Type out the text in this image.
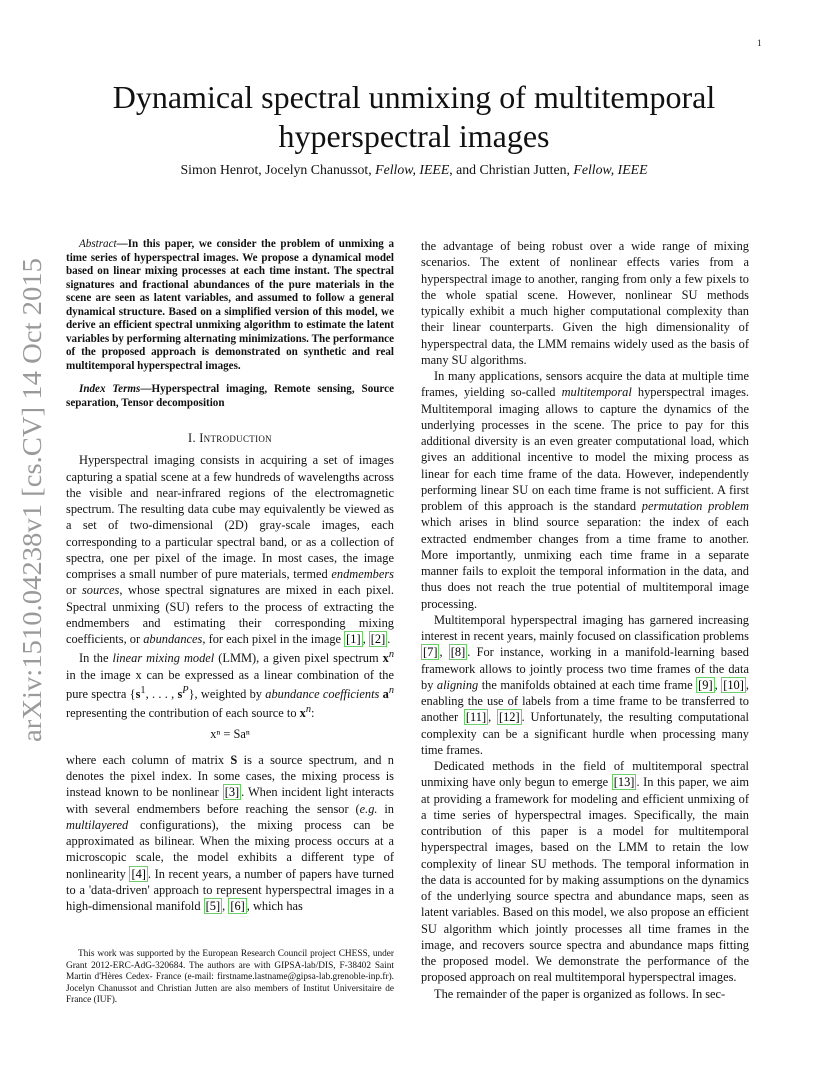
1
arXiv:1510.04238v1 [cs.CV] 14 Oct 2015
Dynamical spectral unmixing of multitemporal
hyperspectral images
Simon Henrot, Jocelyn Chanussot, Fellow, IEEE, and Christian Jutten, Fellow, IEEE

Abstract—In this paper, we consider the problem of unmixing a time series of hyperspectral images. We propose a dynamical model based on linear mixing processes at each time instant. The spectral signatures and fractional abundances of the pure materials in the scene are seen as latent variables, and assumed to follow a general dynamical structure. Based on a simplified version of this model, we derive an efficient spectral unmixing algorithm to estimate the latent variables by performing alternating minimizations. The performance of the proposed approach is demonstrated on synthetic and real multitemporal hyperspectral images.

Index Terms—Hyperspectral imaging, Remote sensing, Source separation, Tensor decomposition

I. Introduction

Hyperspectral imaging consists in acquiring a set of images capturing a spatial scene at a few hundreds of wavelengths across the visible and near-infrared regions of the electromagnetic spectrum. The resulting data cube may equivalently be viewed as a set of two-dimensional (2D) gray-scale images, each corresponding to a particular spectral band, or as a collection of spectra, one per pixel of the image. In most cases, the image comprises a small number of pure materials, termed endmembers or sources, whose spectral signatures are mixed in each pixel. Spectral unmixing (SU) refers to the process of extracting the endmembers and estimating their corresponding mixing coefficients, or abundances, for each pixel in the image [1] , [2] .

In the linear mixing model (LMM), a given pixel spectrum $x^n$ in the image x can be expressed as a linear combination of the pure spectra {$s^1$, . . . , $s^P$}, weighted by abundance coefficients $a^n$ representing the contribution of each source to $x^n$:

xⁿ = Saⁿ

where each column of matrix S is a source spectrum, and n denotes the pixel index. In some cases, the mixing process is instead known to be nonlinear [3] . When incident light interacts with several endmembers before reaching the sensor (e.g. in multilayered configurations), the mixing process can be approximated as bilinear. When the mixing process occurs at a microscopic scale, the model exhibits a different type of nonlinearity [4] . In recent years, a number of papers have turned to a 'data-driven' approach to represent hyperspectral images in a high-dimensional manifold [5] , [6] , which has

This work was supported by the European Research Council project CHESS, under Grant 2012-ERC-AdG-320684. The authors are with GIPSA-lab/DIS, F-38402 Saint Martin d'Hères Cedex- France (e-mail: firstname.lastname@gipsa-lab.grenoble-inp.fr). Jocelyn Chanussot and Christian Jutten are also members of Institut Universitaire de France (IUF).

the advantage of being robust over a wide range of mixing scenarios. The extent of nonlinear effects varies from a hyperspectral image to another, ranging from only a few pixels to the whole spatial scene. However, nonlinear SU methods typically exhibit a much higher computational complexity than their linear counterparts. Given the high dimensionality of hyperspectral data, the LMM remains widely used as the basis of many SU algorithms.

In many applications, sensors acquire the data at multiple time frames, yielding so-called multitemporal hyperspectral images. Multitemporal imaging allows to capture the dynamics of the underlying processes in the scene. The price to pay for this additional diversity is an even greater computational load, which gives an additional incentive to model the mixing process as linear for each time frame of the data. However, independently performing linear SU on each time frame is not sufficient. A first problem of this approach is the standard permutation problem which arises in blind source separation: the index of each extracted endmember changes from a time frame to another. More importantly, unmixing each time frame in a separate manner fails to exploit the temporal information in the data, and thus does not reach the true potential of multitemporal image processing.

Multitemporal hyperspectral imaging has garnered increasing interest in recent years, mainly focused on classification problems [7] , [8] . For instance, working in a manifold-learning based framework allows to jointly process two time frames of the data by aligning the manifolds obtained at each time frame [9] , [10] , enabling the use of labels from a time frame to be transferred to another [11] , [12] . Unfortunately, the resulting computational complexity can be a significant hurdle when processing many time frames.

Dedicated methods in the field of multitemporal spectral unmixing have only begun to emerge [13] . In this paper, we aim at providing a framework for modeling and efficient unmixing of a time series of hyperspectral images. Specifically, the main contribution of this paper is a model for multitemporal hyperspectral images, based on the LMM to retain the low complexity of linear SU methods. The temporal information in the data is accounted for by making assumptions on the dynamics of the underlying source spectra and abundance maps, seen as latent variables. Based on this model, we also propose an efficient SU algorithm which jointly processes all time frames in the image, and recovers source spectra and abundance maps fitting the proposed model. We demonstrate the performance of the proposed approach on real multitemporal hyperspectral images.

The remainder of the paper is organized as follows. In sec-
